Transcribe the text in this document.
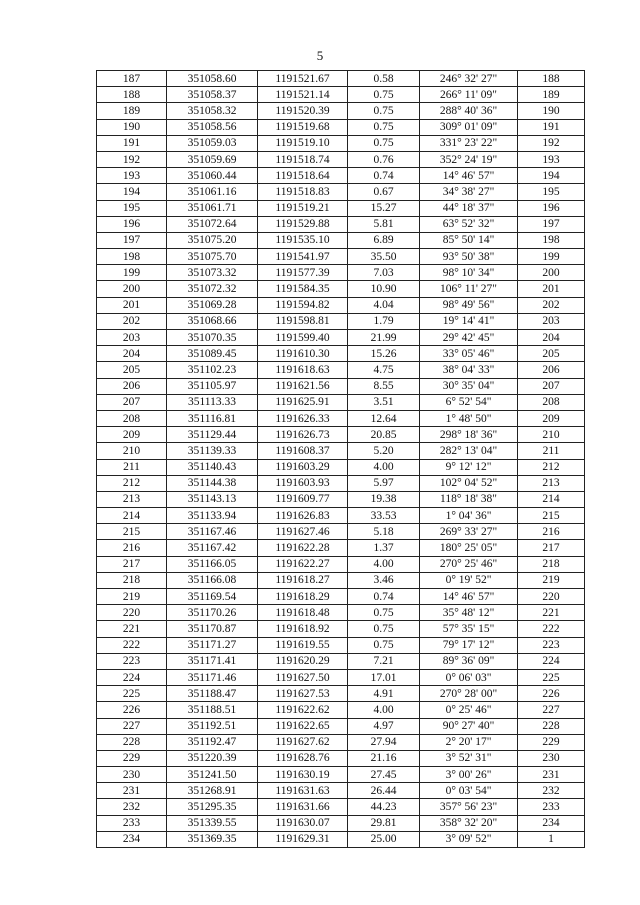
5
187	351058.60	1191521.67	0.58	246° 32' 27"	188
188	351058.37	1191521.14	0.75	266° 11' 09"	189
189	351058.32	1191520.39	0.75	288° 40' 36"	190
190	351058.56	1191519.68	0.75	309° 01' 09"	191
191	351059.03	1191519.10	0.75	331° 23' 22"	192
192	351059.69	1191518.74	0.76	352° 24' 19"	193
193	351060.44	1191518.64	0.74	14° 46' 57"	194
194	351061.16	1191518.83	0.67	34° 38' 27"	195
195	351061.71	1191519.21	15.27	44° 18' 37"	196
196	351072.64	1191529.88	5.81	63° 52' 32"	197
197	351075.20	1191535.10	6.89	85° 50' 14"	198
198	351075.70	1191541.97	35.50	93° 50' 38"	199
199	351073.32	1191577.39	7.03	98° 10' 34"	200
200	351072.32	1191584.35	10.90	106° 11' 27"	201
201	351069.28	1191594.82	4.04	98° 49' 56"	202
202	351068.66	1191598.81	1.79	19° 14' 41"	203
203	351070.35	1191599.40	21.99	29° 42' 45"	204
204	351089.45	1191610.30	15.26	33° 05' 46"	205
205	351102.23	1191618.63	4.75	38° 04' 33"	206
206	351105.97	1191621.56	8.55	30° 35' 04"	207
207	351113.33	1191625.91	3.51	6° 52' 54"	208
208	351116.81	1191626.33	12.64	1° 48' 50"	209
209	351129.44	1191626.73	20.85	298° 18' 36"	210
210	351139.33	1191608.37	5.20	282° 13' 04"	211
211	351140.43	1191603.29	4.00	9° 12' 12"	212
212	351144.38	1191603.93	5.97	102° 04' 52"	213
213	351143.13	1191609.77	19.38	118° 18' 38"	214
214	351133.94	1191626.83	33.53	1° 04' 36"	215
215	351167.46	1191627.46	5.18	269° 33' 27"	216
216	351167.42	1191622.28	1.37	180° 25' 05"	217
217	351166.05	1191622.27	4.00	270° 25' 46"	218
218	351166.08	1191618.27	3.46	0° 19' 52"	219
219	351169.54	1191618.29	0.74	14° 46' 57"	220
220	351170.26	1191618.48	0.75	35° 48' 12"	221
221	351170.87	1191618.92	0.75	57° 35' 15"	222
222	351171.27	1191619.55	0.75	79° 17' 12"	223
223	351171.41	1191620.29	7.21	89° 36' 09"	224
224	351171.46	1191627.50	17.01	0° 06' 03"	225
225	351188.47	1191627.53	4.91	270° 28' 00"	226
226	351188.51	1191622.62	4.00	0° 25' 46"	227
227	351192.51	1191622.65	4.97	90° 27' 40"	228
228	351192.47	1191627.62	27.94	2° 20' 17"	229
229	351220.39	1191628.76	21.16	3° 52' 31"	230
230	351241.50	1191630.19	27.45	3° 00' 26"	231
231	351268.91	1191631.63	26.44	0° 03' 54"	232
232	351295.35	1191631.66	44.23	357° 56' 23"	233
233	351339.55	1191630.07	29.81	358° 32' 20"	234
234	351369.35	1191629.31	25.00	3° 09' 52"	1
